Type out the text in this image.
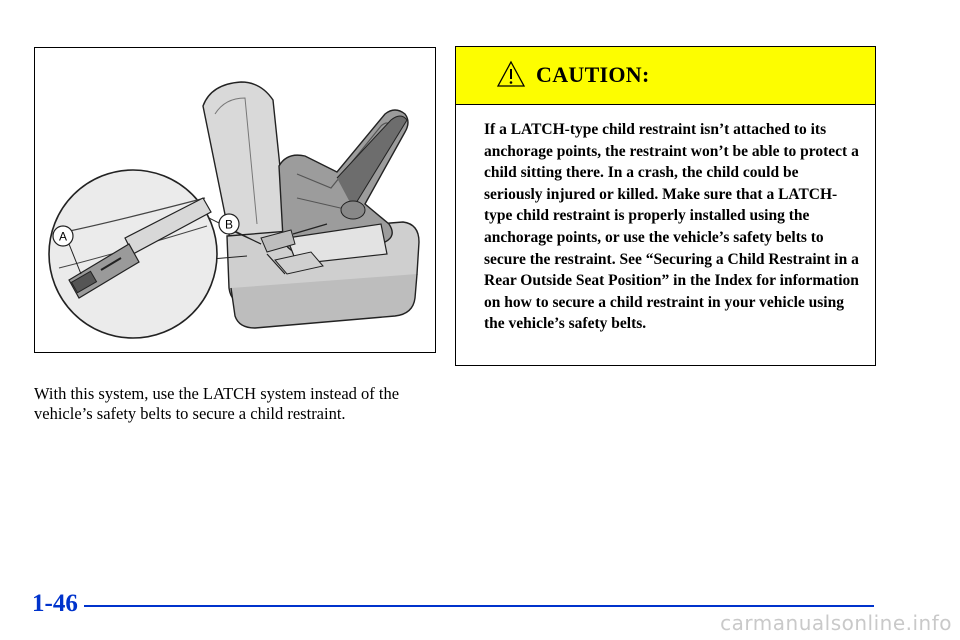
A
B

With this system, use the LATCH system instead of the vehicle’s safety belts to secure a child restraint.

CAUTION:
If a LATCH-type child restraint isn’t attached to its anchorage points, the restraint won’t be able to protect a child sitting there. In a crash, the child could be seriously injured or killed. Make sure that a LATCH-type child restraint is properly installed using the anchorage points, or use the vehicle’s safety belts to secure the restraint. See “Securing a Child Restraint in a Rear Outside Seat Position” in the Index for information on how to secure a child restraint in your vehicle using the vehicle’s safety belts.
1-46
carmanualsonline.info
